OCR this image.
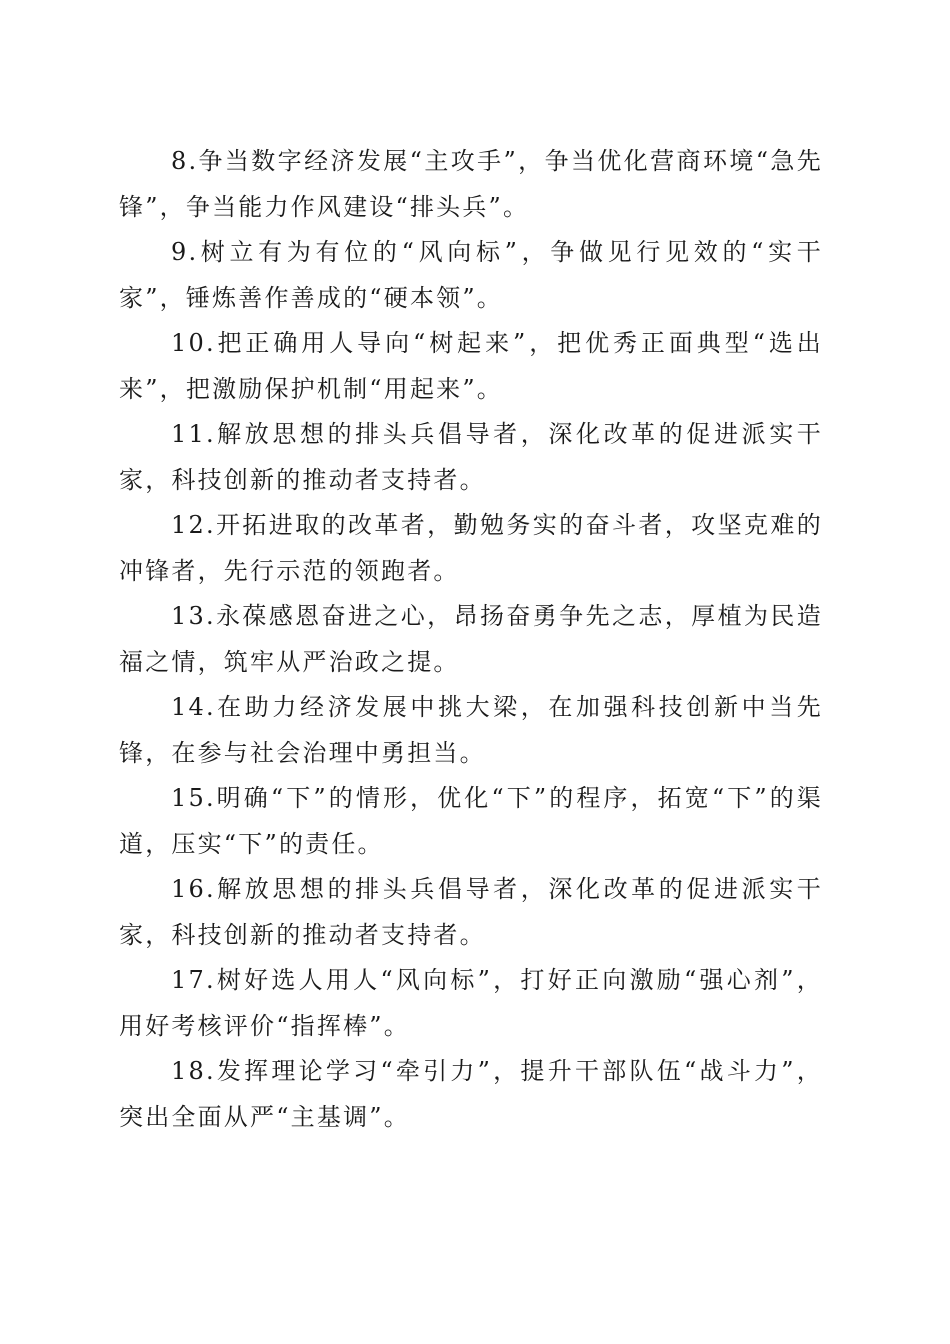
8.争当数字经济发展“主攻手”，争当优化营商环境“急先锋”，争当能力作风建设“排头兵”。

9.树立有为有位的“风向标”，争做见行见效的“实干家”，锤炼善作善成的“硬本领”。

10.把正确用人导向“树起来”，把优秀正面典型“选出来”，把激励保护机制“用起来”。

11.解放思想的排头兵倡导者，深化改革的促进派实干家，科技创新的推动者支持者。

12.开拓进取的改革者，勤勉务实的奋斗者，攻坚克难的冲锋者，先行示范的领跑者。

13.永葆感恩奋进之心，昂扬奋勇争先之志，厚植为民造福之情，筑牢从严治政之提。

14.在助力经济发展中挑大梁，在加强科技创新中当先锋，在参与社会治理中勇担当。

15.明确“下”的情形，优化“下”的程序，拓宽“下”的渠道，压实“下”的责任。

16.解放思想的排头兵倡导者，深化改革的促进派实干家，科技创新的推动者支持者。

17.树好选人用人“风向标”，打好正向激励“强心剂”，用好考核评价“指挥棒”。

18.发挥理论学习“牵引力”，提升干部队伍“战斗力”，突出全面从严“主基调”。
